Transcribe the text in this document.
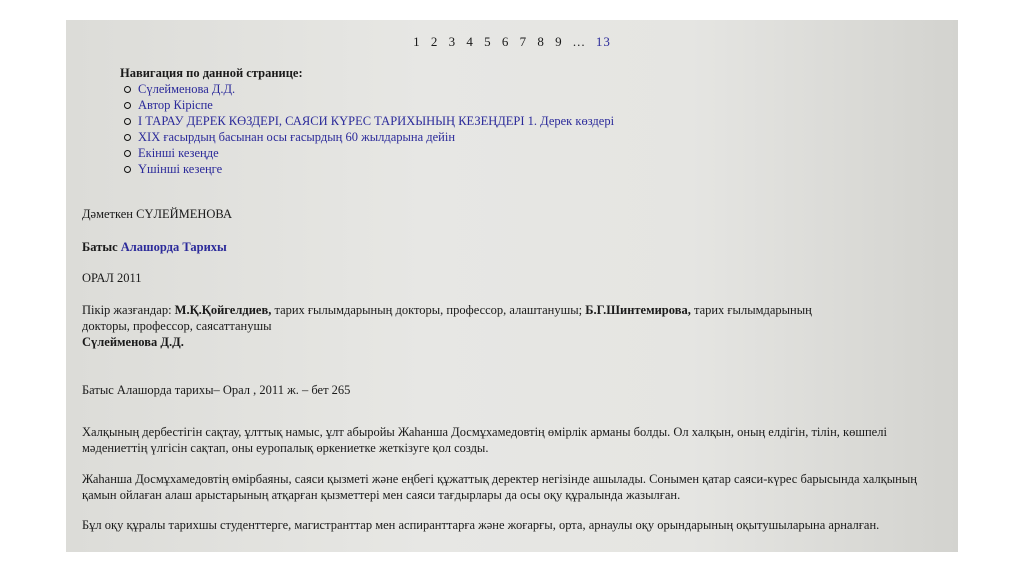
1 2 3 4 5 6 7 8 9 ... 13
Навигация по данной странице:
Сүлейменова Д.Д.
Автор Кіріспе
І ТАРАУ ДЕРЕК КӨЗДЕРІ, САЯСИ КҮРЕС ТАРИХЫНЫҢ КЕЗЕҢДЕРІ 1. Дерек көздері
XIX ғасырдың басынан осы ғасырдың 60 жылдарына дейін
Екінші кезеңде
Үшінші кезеңге
Дәметкен СҮЛЕЙМЕНОВА
Батыс Алашорда Тарихы
ОРАЛ 2011
Пікір жазғандар: М.Қ.Қойгелдиев, тарих ғылымдарының докторы, профессор, алаштанушы; Б.Г.Шинтемирова, тарих ғылымдарының
докторы, профессор, саясаттанушы
Сүлейменова Д.Д.
Батыс Алашорда тарихы– Орал , 2011 ж. – бет 265
Халқының дербестігін сақтау, ұлттық намыс, ұлт абыройы Жаһанша Досмұхамедовтің өмірлік арманы болды. Ол халқын, оның елдігін, тілін, көшпелі мәдениеттің үлгісін сақтап, оны еуропалық өркениетке жеткізуге қол созды.
Жаһанша Досмұхамедовтің өмірбаяны, саяси қызметі және еңбегі құжаттық деректер негізінде ашылады. Сонымен қатар саяси-күрес барысында халқының қамын ойлаған алаш арыстарының атқарған қызметтері мен саяси тағдырлары да осы оқу құралында жазылған.
Бұл оқу құралы тарихшы студенттерге, магистранттар мен аспиранттарға және жоғарғы, орта, арнаулы оқу орындарының оқытушыларына арналған.
